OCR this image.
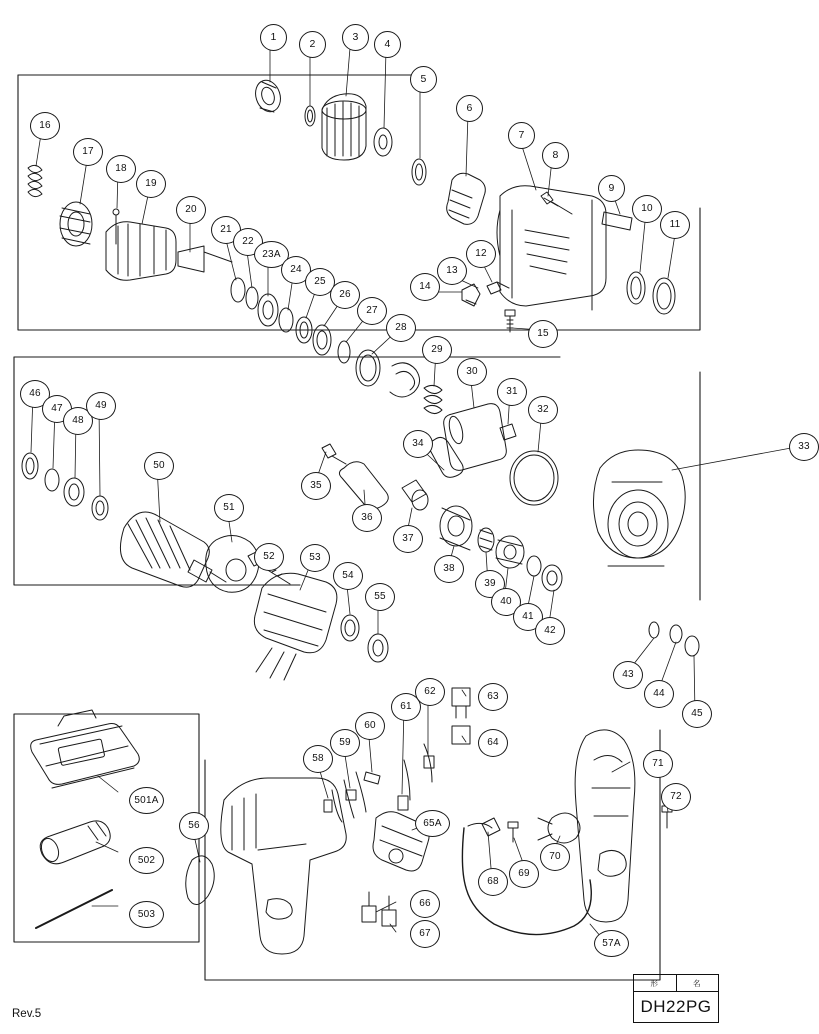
Rev.5
形	名
DH22PG
1
2
3
4
5
6
7
8
9
10
11
12
13
14
15
16
17
18
19
20
21
22
23A
24
25
26
27
28
29
30
31
32
33
34
35
36
37
38
39
40
41
42
43
44
45
46
47
48
49
50
51
52	53
54
55
56
57A
58
59
60
61
62	63
64
65A
66
67
68
69
70
71
72
501A
502
503
